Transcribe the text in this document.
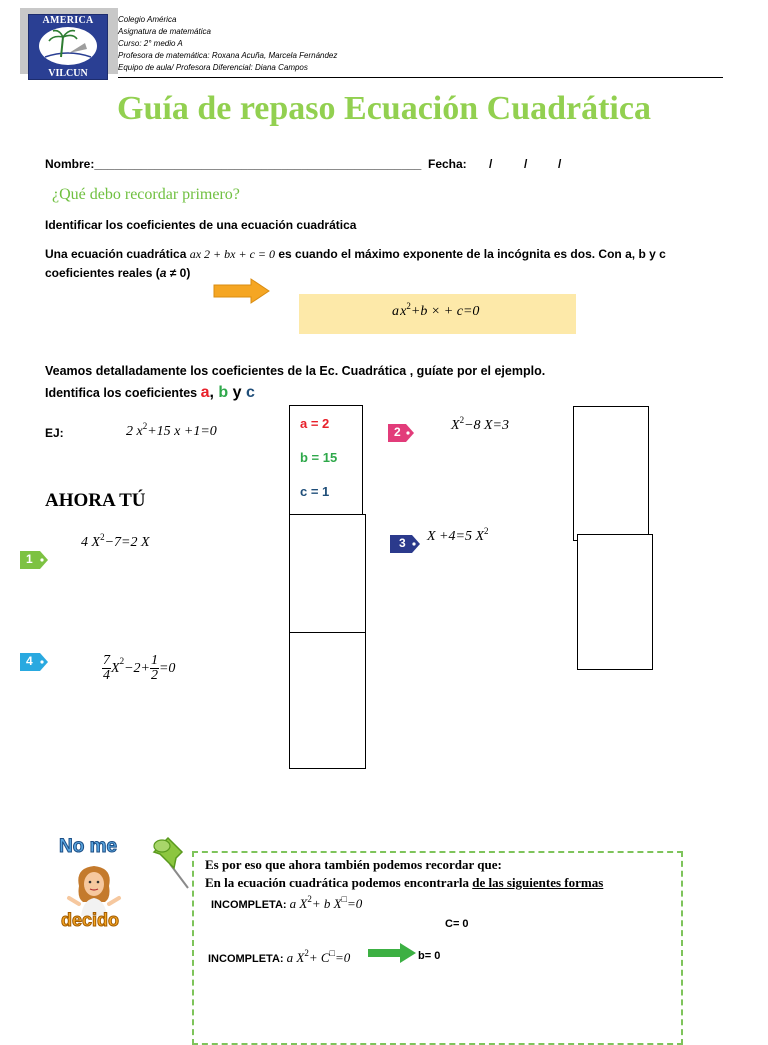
AMERICA
VILCUN
Colegio América
Asignatura de matemática
Curso: 2° medio A
Profesora de matemática: Roxana Acuña, Marcela Fernández
Equipo de aula/ Profesora Diferencial: Diana Campos
Guía de repaso Ecuación Cuadrática
Nombre:_________________________________________________ Fecha: /	/	/
¿Qué debo recordar primero?
Identificar los coeficientes de una ecuación cuadrática
Una ecuación cuadrática ax 2 + bx + c = 0 es cuando el máximo exponente de la incógnita es dos. Con a, b y c
coeficientes reales (a ≠ 0)
a $x^2+b$ × + c=0
Veamos detalladamente los coeficientes de la Ec. Cuadrática , guíate por el ejemplo.
Identifica los coeficientes a, b y c
EJ:	2 $x^2+15$ x +1=0
a = 2
b = 15
c = 1
AHORA TÚ
1
4 $X^2-7=2$ X
2	$X^2-8$ X=3
3 X +4=5 $X^2$
4	7
4 $X^2 -2+ 1$
2 =0
No me
decido
Es por eso que ahora también podemos recordar que:
En la ecuación cuadrática podemos encontrarla de las siguientes formas
INCOMPLETA: a $X^2+ b$ X□=0
C= 0
INCOMPLETA: a $X^2+ C^□=0$	b= 0
